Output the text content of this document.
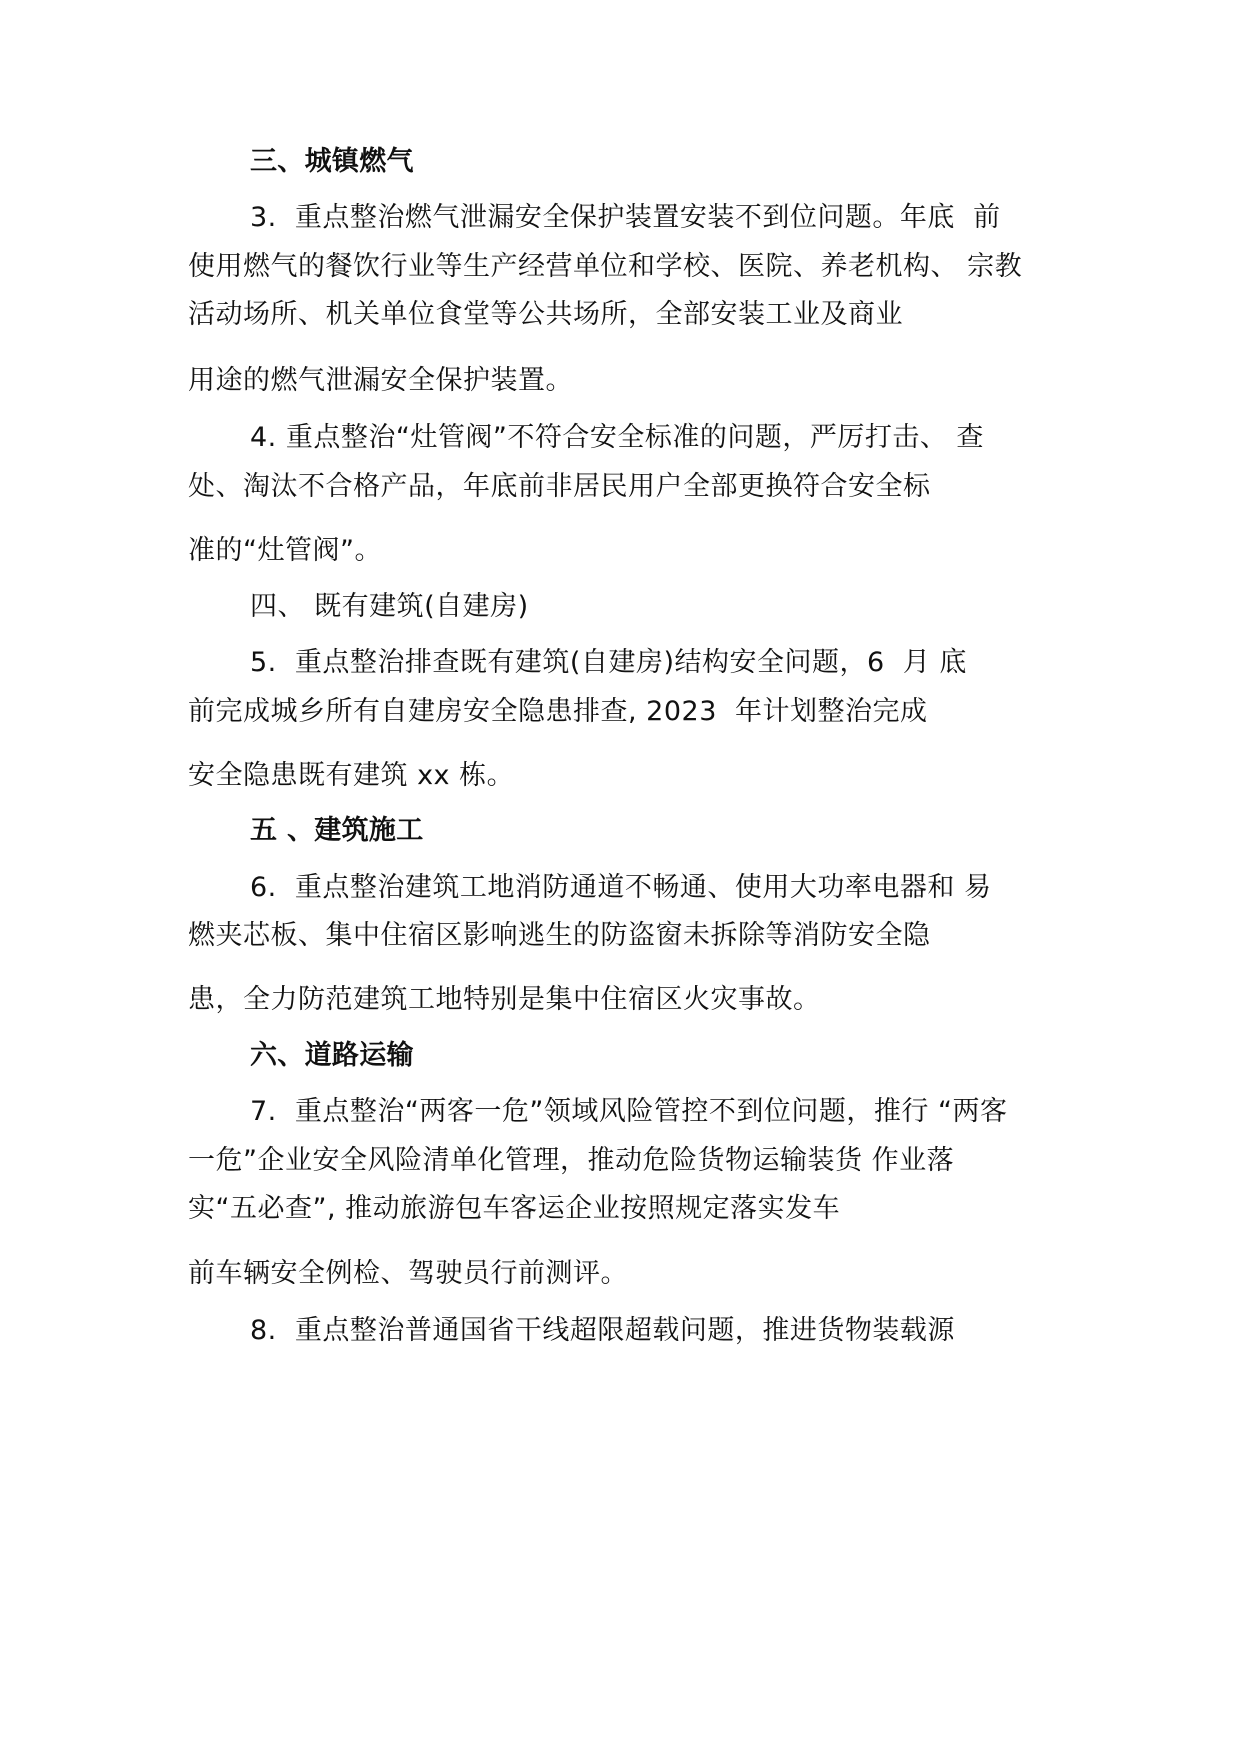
三、城镇燃气
3.  重点整治燃气泄漏安全保护装置安装不到位问题。年底  前
使用燃气的餐饮行业等生产经营单位和学校、医院、养老机构、 宗教
活动场所、机关单位食堂等公共场所，全部安装工业及商业
用途的燃气泄漏安全保护装置。
4. 重点整治“灶管阀”不符合安全标准的问题，严厉打击、 查
处、淘汰不合格产品，年底前非居民用户全部更换符合安全标
准的“灶管阀”。
四、 既有建筑(自建房)
5.  重点整治排查既有建筑(自建房)结构安全问题，6  月 底
前完成城乡所有自建房安全隐患排查, 2023  年计划整治完成
安全隐患既有建筑 xx 栋。
五 、建筑施工
6.  重点整治建筑工地消防通道不畅通、使用大功率电器和 易
燃夹芯板、集中住宿区影响逃生的防盗窗未拆除等消防安全隐
患，全力防范建筑工地特别是集中住宿区火灾事故。
六、道路运输
7.  重点整治“两客一危”领域风险管控不到位问题，推行 “两客
一危”企业安全风险清单化管理，推动危险货物运输装货 作业落
实“五必查”, 推动旅游包车客运企业按照规定落实发车
前车辆安全例检、驾驶员行前测评。
8.  重点整治普通国省干线超限超载问题，推进货物装载源
